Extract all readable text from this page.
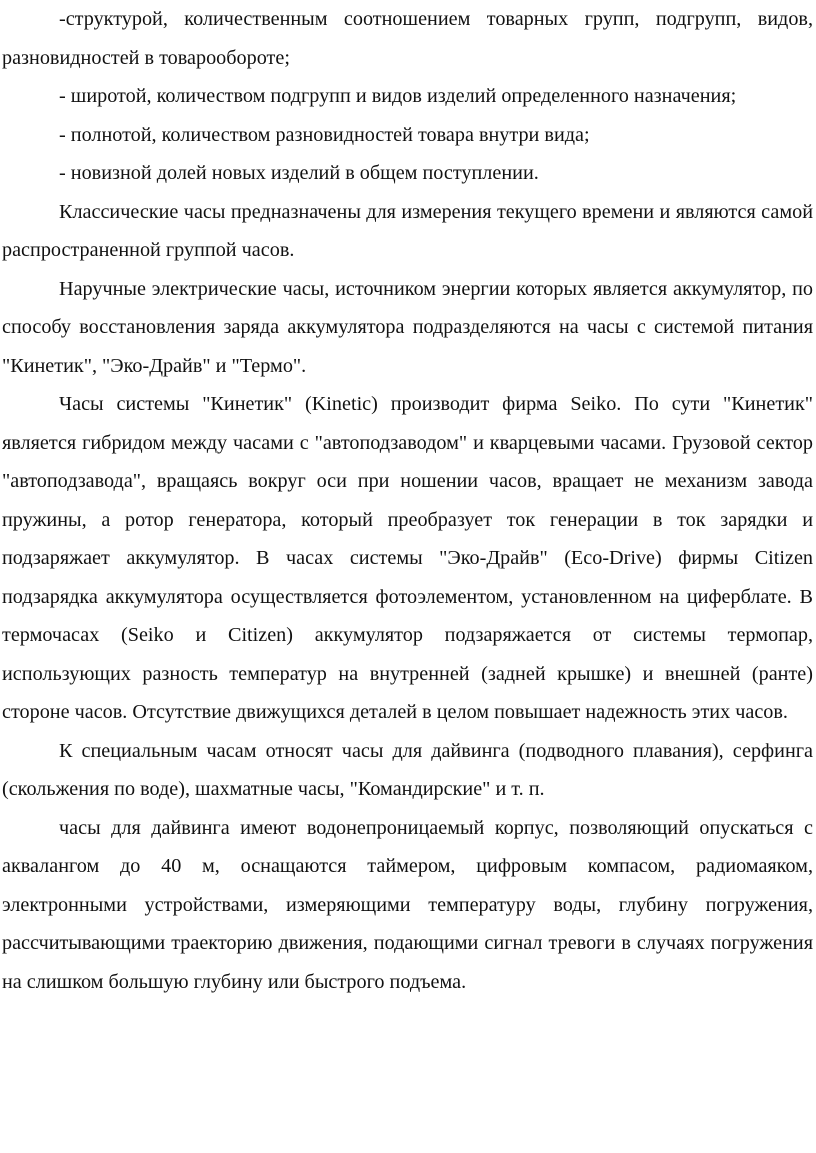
-структурой, количественным соотношением товарных групп, подгрупп, видов, разновидностей в товарообороте;

- широтой, количеством подгрупп и видов изделий определенного назначения;

- полнотой, количеством разновидностей товара внутри вида;

- новизной долей новых изделий в общем поступлении.

Классические часы предназначены для измерения текущего времени и являются самой распространенной группой часов.

Наручные электрические часы, источником энергии которых является аккумулятор, по способу восстановления заряда аккумулятора подразделяются на часы с системой питания "Кинетик", "Эко-Драйв" и "Термо".

Часы системы "Кинетик" (Kinetic) производит фирма Seiko. По сути "Кинетик" является гибридом между часами с "автоподзаводом" и кварцевыми часами. Грузовой сектор "автоподзавода", вращаясь вокруг оси при ношении часов, вращает не механизм завода пружины, а ротор генератора, который преобразует ток генерации в ток зарядки и подзаряжает аккумулятор. В часах системы "Эко-Драйв" (Eco-Drive) фирмы Citizen подзарядка аккумулятора осуществляется фотоэлементом, установленном на циферблате. В термочасах (Seiko и Citizen) аккумулятор подзаряжается от системы термопар, использующих разность температур на внутренней (задней крышке) и внешней (ранте) стороне часов. Отсутствие движущихся деталей в целом повышает надежность этих часов.

К специальным часам относят часы для дайвинга (подводного плавания), серфинга (скольжения по воде), шахматные часы, "Командирские" и т. п.

часы для дайвинга имеют водонепроницаемый корпус, позволяющий опускаться с аквалангом до 40 м, оснащаются таймером, цифровым компасом, радиомаяком, электронными устройствами, измеряющими температуру воды, глубину погружения, рассчитывающими траекторию движения, подающими сигнал тревоги в случаях погружения на слишком большую глубину или быстрого подъема.
